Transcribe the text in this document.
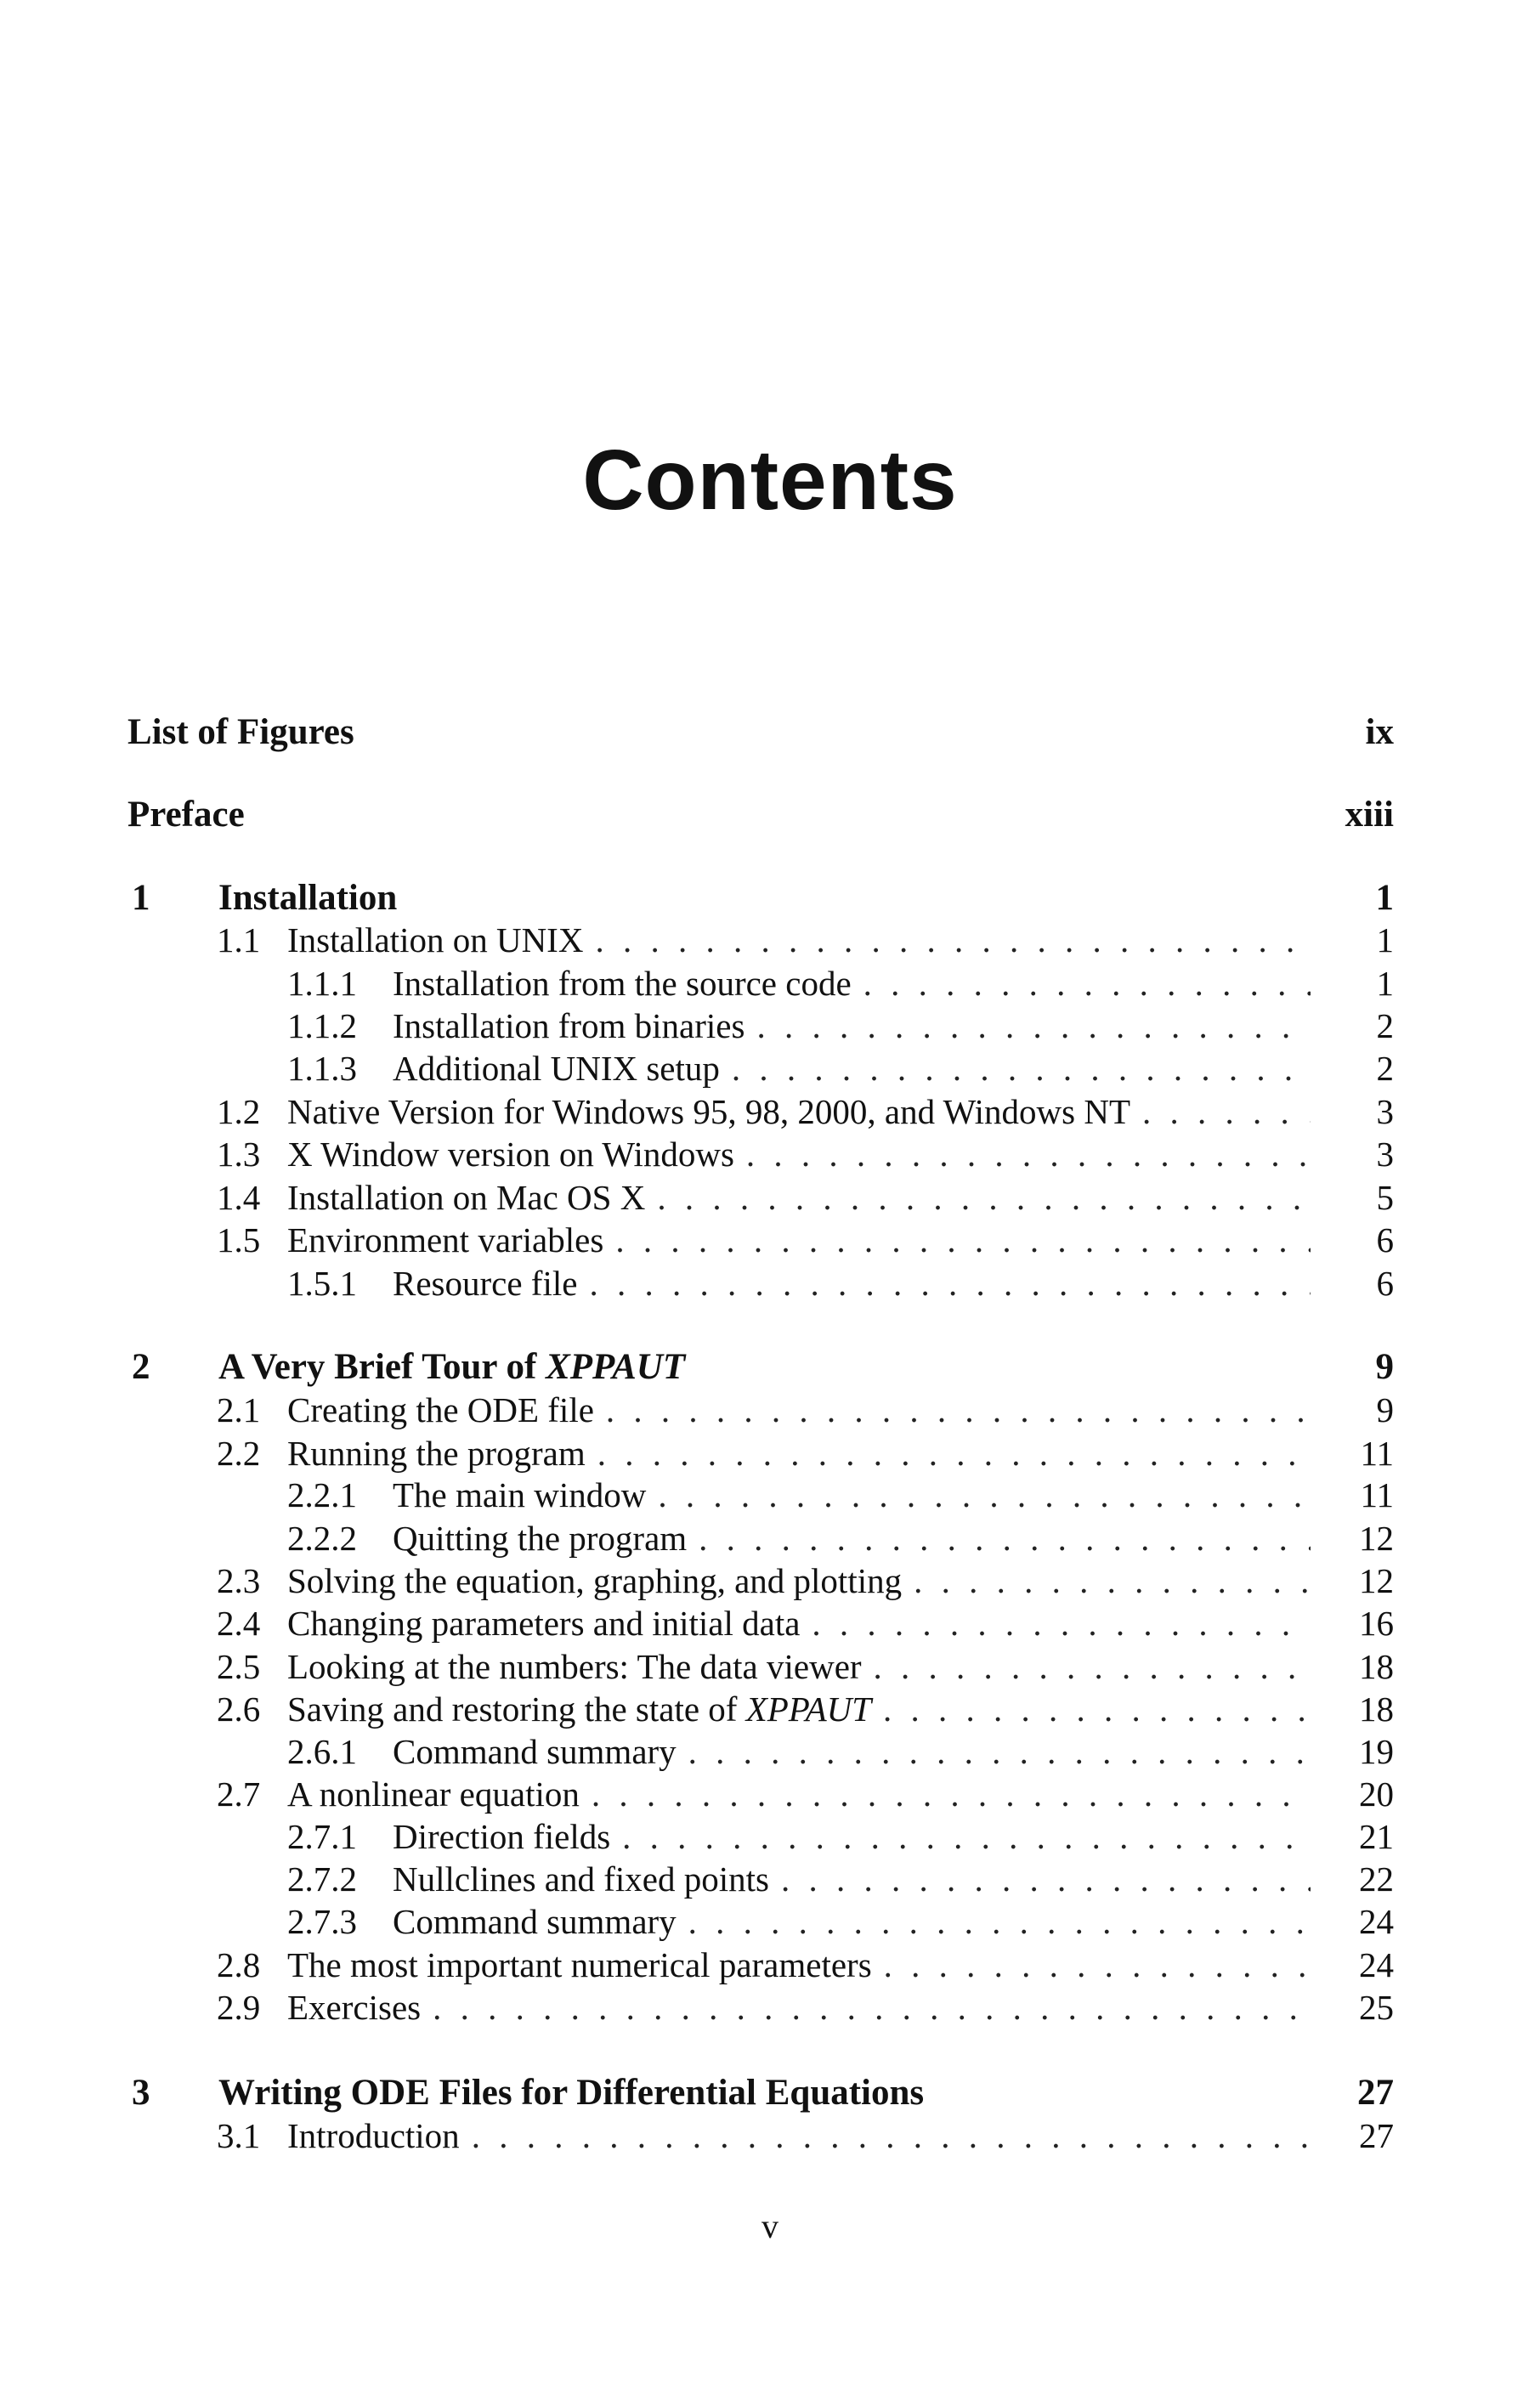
Contents
List of Figures	ix
Preface	xiii
1 Installation	1
1.1 Installation on UNIX . . .	1
1.1.1 Installation from the source code . . .	1
1.1.2 Installation from binaries . . .	2
1.1.3 Additional UNIX setup . . .	2
1.2 Native Version for Windows 95, 98, 2000, and Windows NT . . .	3
1.3 X Window version on Windows . . .	3
1.4 Installation on Mac OS X . . .	5
1.5 Environment variables . . .	6
1.5.1 Resource file . . .	6
2 A Very Brief Tour of XPPAUT	9
2.1 Creating the ODE file . . .	9
2.2 Running the program . . .	11
2.2.1 The main window . . .	11
2.2.2 Quitting the program . . .	12
2.3 Solving the equation, graphing, and plotting . . .	12
2.4 Changing parameters and initial data . . .	16
2.5 Looking at the numbers: The data viewer . . .	18
2.6 Saving and restoring the state of XPPAUT . . .	18
2.6.1 Command summary . . .	19
2.7 A nonlinear equation . . .	20
2.7.1 Direction fields . . .	21
2.7.2 Nullclines and fixed points . . .	22
2.7.3 Command summary . . .	24
2.8 The most important numerical parameters . . .	24
2.9 Exercises . . .	25
3 Writing ODE Files for Differential Equations	27
3.1 Introduction . . .	27
v
